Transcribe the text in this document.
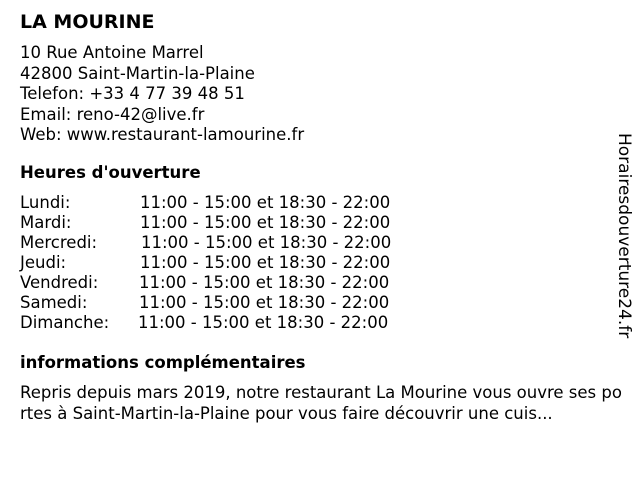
LA MOURINE
10 Rue Antoine Marrel
42800 Saint-Martin-la-Plaine
Telefon: +33 4 77 39 48 51
Email: reno-42@live.fr
Web: www.restaurant-lamourine.fr
Heures d'ouverture
Lundi:	11:00 - 15:00 et 18:30 - 22:00
Mardi:	11:00 - 15:00 et 18:30 - 22:00
Mercredi:	11:00 - 15:00 et 18:30 - 22:00
Jeudi:	11:00 - 15:00 et 18:30 - 22:00
Vendredi: 11:00 - 15:00 et 18:30 - 22:00
Samedi:	11:00 - 15:00 et 18:30 - 22:00
Dimanche: 11:00 - 15:00 et 18:30 - 22:00
informations complémentaires
Repris depuis mars 2019, notre restaurant La Mourine vous ouvre ses portes à Saint-Martin-la-Plaine pour vous faire découvrir une cuis...
Horairesdouverture24.fr
